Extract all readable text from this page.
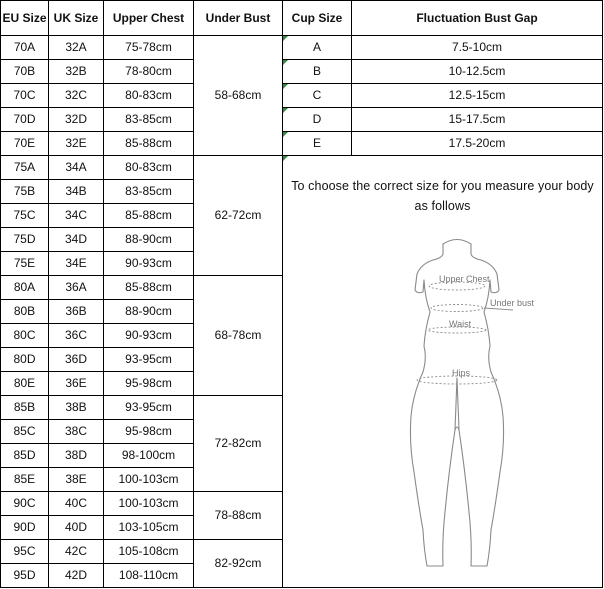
EU Size	UK Size	Upper Chest	Under Bust	Cup Size	Fluctuation Bust Gap
70A	32A	75-78cm	58-68cm	A	7.5-10cm
70B	32B	78-80cm		B	10-12.5cm
70C	32C	80-83cm		C	12.5-15cm
70D	32D	83-85cm		D	15-17.5cm
70E	32E	85-88cm		E	17.5-20cm
75A	34A	80-83cm	62-72cm	To choose the correct size for you measure your body as follows
Upper Chest
Under bust
Waist
Hips	

75B	34B	83-85cm			
75C	34C	85-88cm			
75D	34D	88-90cm			
75E	34E	90-93cm			
80A	36A	85-88cm	68-78cm		
80B	36B	88-90cm			
80C	36C	90-93cm			
80D	36D	93-95cm			
80E	36E	95-98cm			
85B	38B	93-95cm	72-82cm		
85C	38C	95-98cm			
85D	38D	98-100cm			
85E	38E	100-103cm			
90C	40C	100-103cm	78-88cm		
90D	40D	103-105cm			
95C	42C	105-108cm	82-92cm		
95D	42D	108-110cm			
